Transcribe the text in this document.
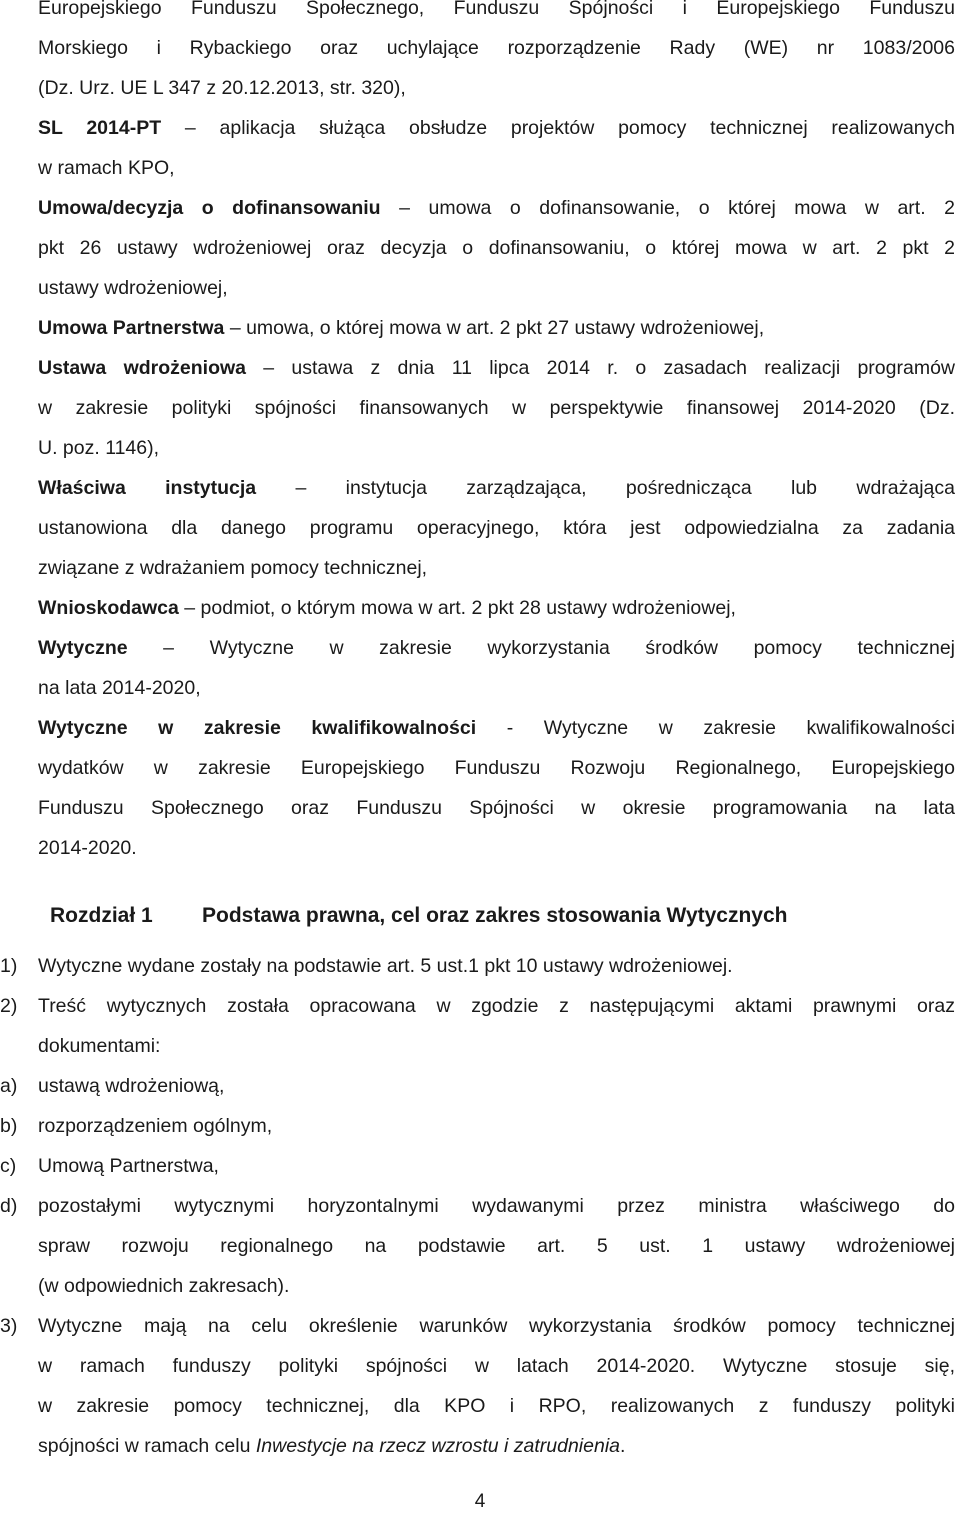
Europejskiego Funduszu Społecznego, Funduszu Spójności i Europejskiego Funduszu
Morskiego i Rybackiego oraz uchylające rozporządzenie Rady (WE) nr 1083/2006
(Dz. Urz. UE L 347 z 20.12.2013, str. 320),
SL 2014-PT – aplikacja służąca obsłudze projektów pomocy technicznej realizowanych
w ramach KPO,
Umowa/decyzja o dofinansowaniu – umowa o dofinansowanie, o której mowa w art. 2
pkt 26 ustawy wdrożeniowej oraz decyzja o dofinansowaniu, o której mowa w art. 2 pkt 2
ustawy wdrożeniowej,
Umowa Partnerstwa – umowa, o której mowa w art. 2 pkt 27 ustawy wdrożeniowej,
Ustawa wdrożeniowa – ustawa z dnia 11 lipca 2014 r. o zasadach realizacji programów
w zakresie polityki spójności finansowanych w perspektywie finansowej 2014-2020 (Dz.
U. poz. 1146),
Właściwa instytucja – instytucja zarządzająca, pośrednicząca lub wdrażająca
ustanowiona dla danego programu operacyjnego, która jest odpowiedzialna za zadania
związane z wdrażaniem pomocy technicznej,
Wnioskodawca – podmiot, o którym mowa w art. 2 pkt 28 ustawy wdrożeniowej,
Wytyczne – Wytyczne w zakresie wykorzystania środków pomocy technicznej
na lata 2014-2020,
Wytyczne w zakresie kwalifikowalności - Wytyczne w zakresie kwalifikowalności
wydatków w zakresie Europejskiego Funduszu Rozwoju Regionalnego, Europejskiego
Funduszu Społecznego oraz Funduszu Spójności w okresie programowania na lata
2014-2020.
Rozdział 1 Podstawa prawna, cel oraz zakres stosowania Wytycznych
1)	Wytyczne wydane zostały na podstawie art. 5 ust.1 pkt 10 ustawy wdrożeniowej.
2)	Treść wytycznych została opracowana w zgodzie z następującymi aktami prawnymi oraz
dokumentami:
a)	ustawą wdrożeniową,
b)	rozporządzeniem ogólnym,
c)	Umową Partnerstwa,
d)	pozostałymi wytycznymi horyzontalnymi wydawanymi przez ministra właściwego do
spraw rozwoju regionalnego na podstawie art. 5 ust. 1 ustawy wdrożeniowej
(w odpowiednich zakresach).
3)	Wytyczne mają na celu określenie warunków wykorzystania środków pomocy technicznej
w ramach funduszy polityki spójności w latach 2014-2020. Wytyczne stosuje się,
w zakresie pomocy technicznej, dla KPO i RPO, realizowanych z funduszy polityki
spójności w ramach celu Inwestycje na rzecz wzrostu i zatrudnienia.
4
